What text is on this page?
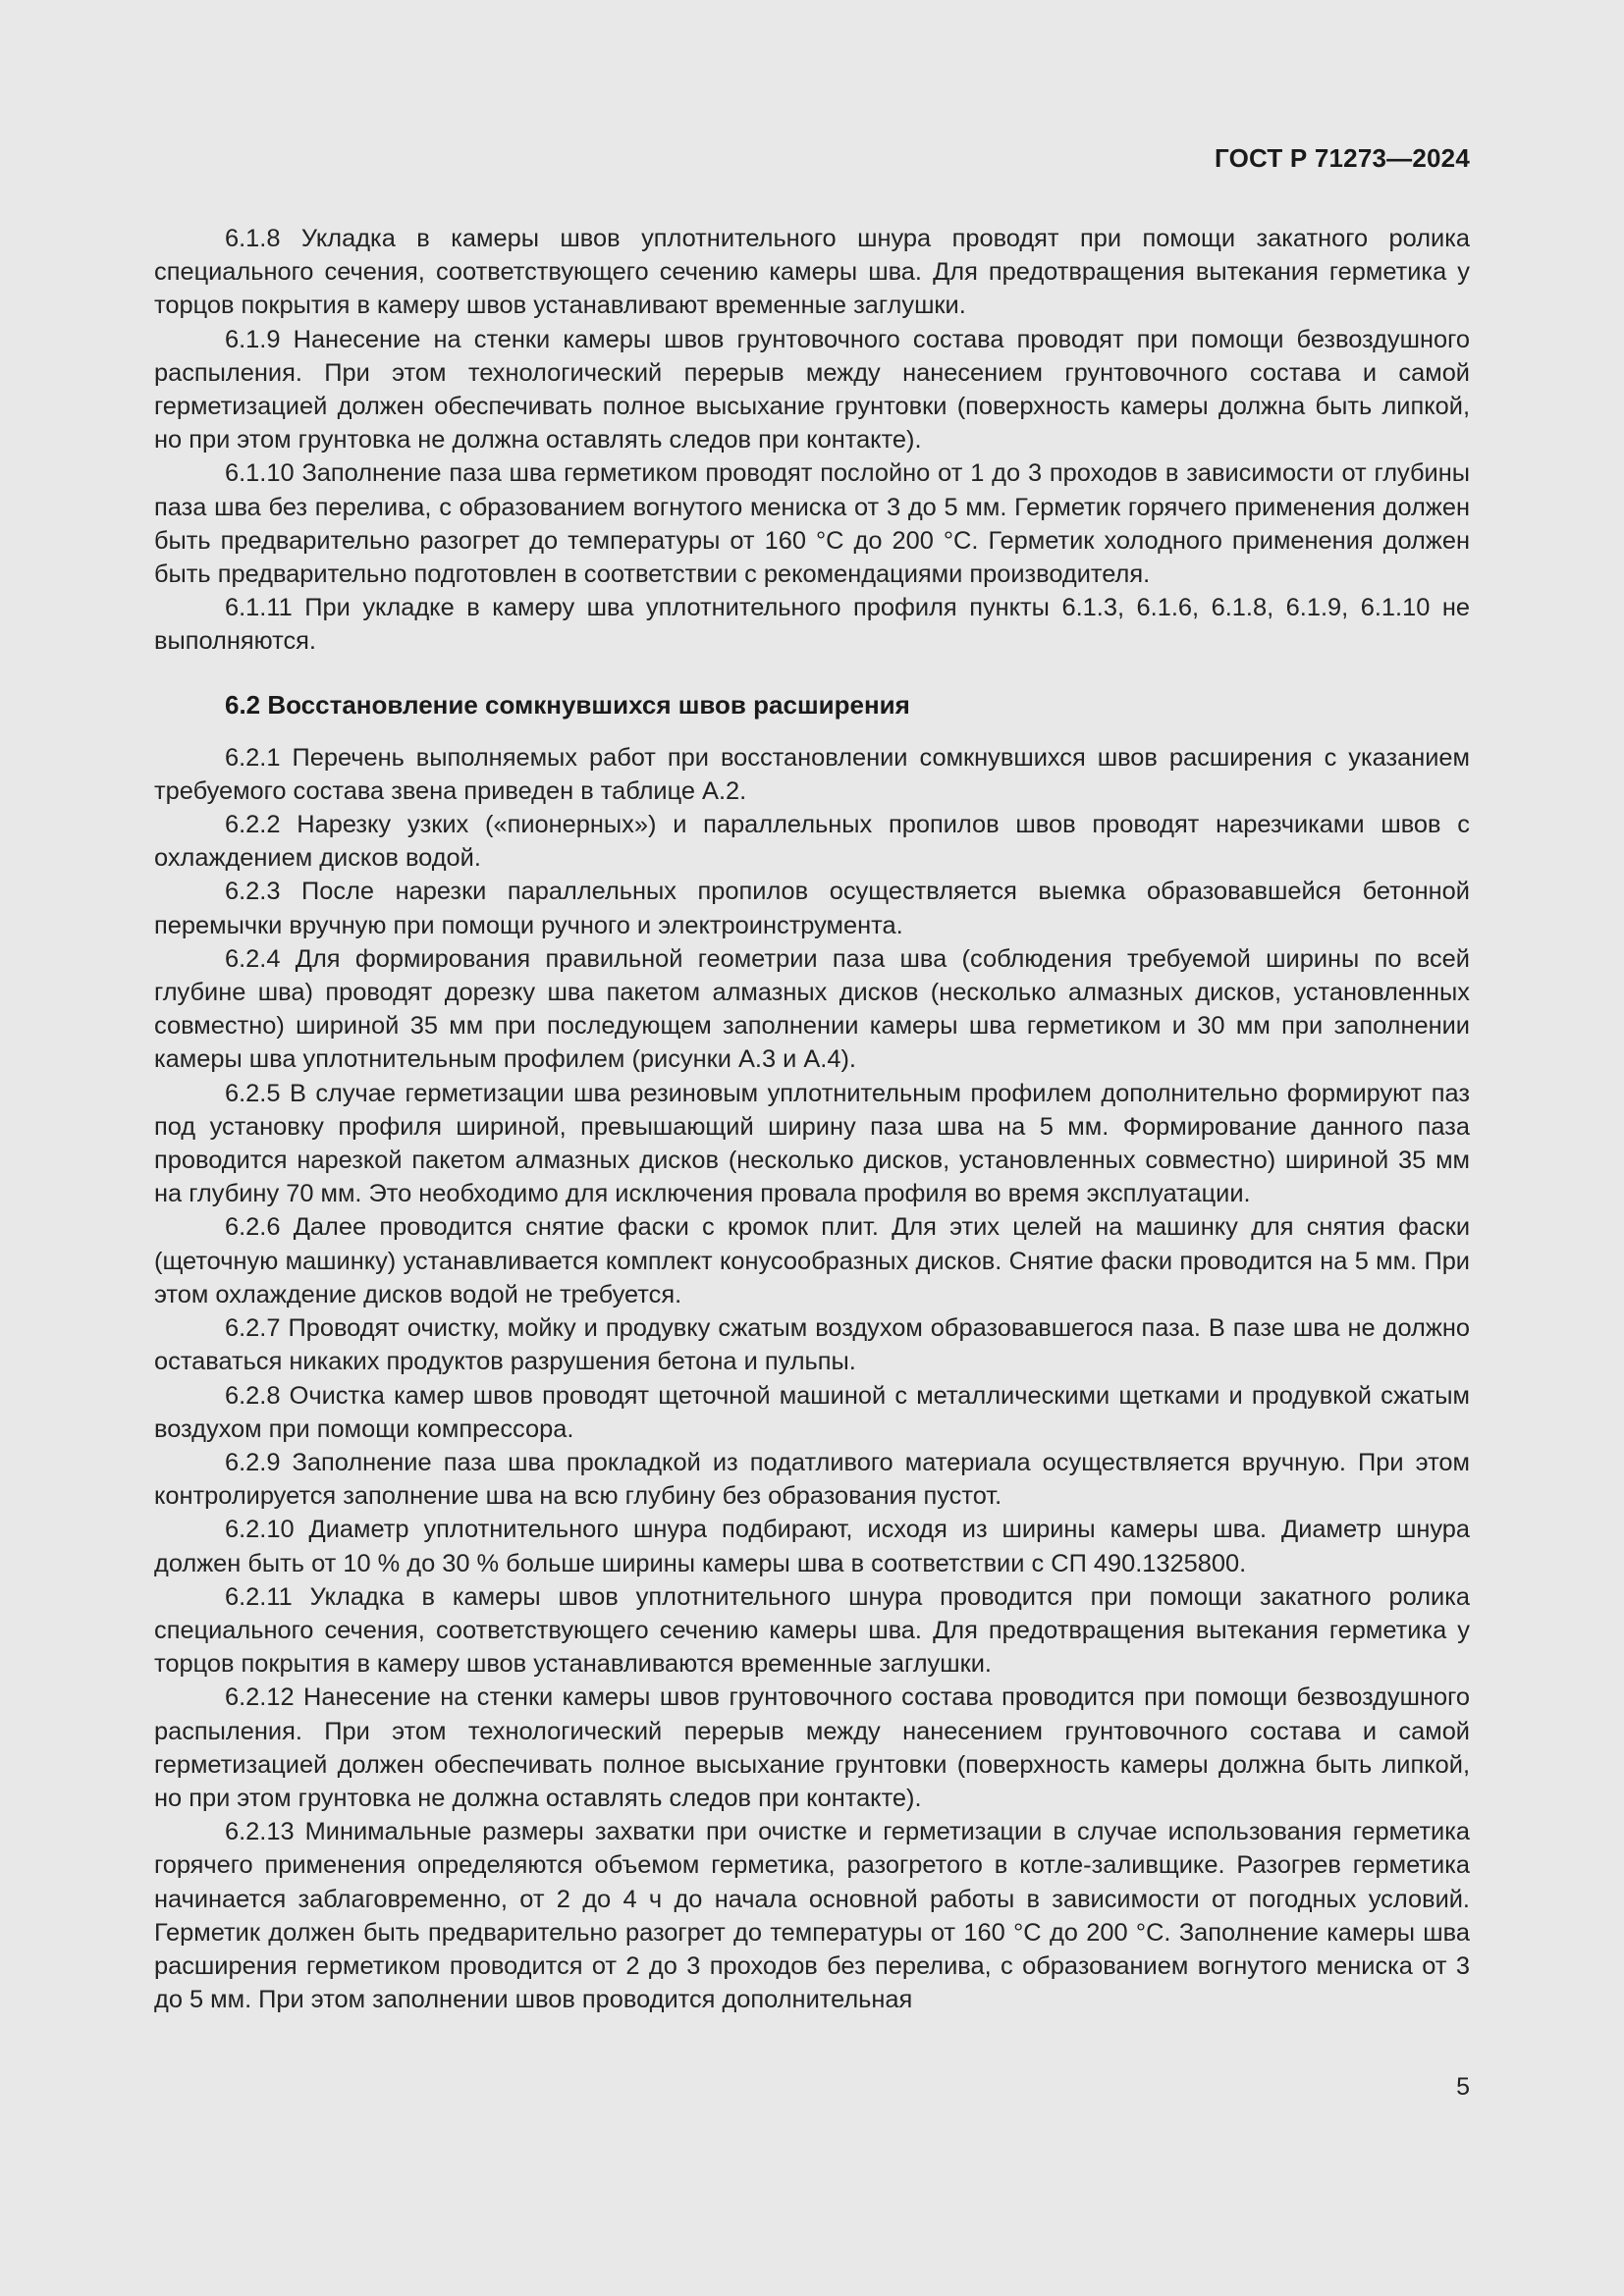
ГОСТ Р 71273—2024

6.1.8 Укладка в камеры швов уплотнительного шнура проводят при помощи закатного ролика специального сечения, соответствующего сечению камеры шва. Для предотвращения вытекания герметика у торцов покрытия в камеру швов устанавливают временные заглушки.

6.1.9 Нанесение на стенки камеры швов грунтовочного состава проводят при помощи безвоздушного распыления. При этом технологический перерыв между нанесением грунтовочного состава и самой герметизацией должен обеспечивать полное высыхание грунтовки (поверхность камеры должна быть липкой, но при этом грунтовка не должна оставлять следов при контакте).

6.1.10 Заполнение паза шва герметиком проводят послойно от 1 до 3 проходов в зависимости от глубины паза шва без перелива, с образованием вогнутого мениска от 3 до 5 мм. Герметик горячего применения должен быть предварительно разогрет до температуры от 160 °С до 200 °С. Герметик холодного применения должен быть предварительно подготовлен в соответствии с рекомендациями производителя.

6.1.11 При укладке в камеру шва уплотнительного профиля пункты 6.1.3, 6.1.6, 6.1.8, 6.1.9, 6.1.10 не выполняются.

6.2 Восстановление сомкнувшихся швов расширения

6.2.1 Перечень выполняемых работ при восстановлении сомкнувшихся швов расширения с указанием требуемого состава звена приведен в таблице А.2.

6.2.2 Нарезку узких («пионерных») и параллельных пропилов швов проводят нарезчиками швов с охлаждением дисков водой.

6.2.3 После нарезки параллельных пропилов осуществляется выемка образовавшейся бетонной перемычки вручную при помощи ручного и электроинструмента.

6.2.4 Для формирования правильной геометрии паза шва (соблюдения требуемой ширины по всей глубине шва) проводят дорезку шва пакетом алмазных дисков (несколько алмазных дисков, установленных совместно) шириной 35 мм при последующем заполнении камеры шва герметиком и 30 мм при заполнении камеры шва уплотнительным профилем (рисунки А.3 и А.4).

6.2.5 В случае герметизации шва резиновым уплотнительным профилем дополнительно формируют паз под установку профиля шириной, превышающий ширину паза шва на 5 мм. Формирование данного паза проводится нарезкой пакетом алмазных дисков (несколько дисков, установленных совместно) шириной 35 мм на глубину 70 мм. Это необходимо для исключения провала профиля во время эксплуатации.

6.2.6 Далее проводится снятие фаски с кромок плит. Для этих целей на машинку для снятия фаски (щеточную машинку) устанавливается комплект конусообразных дисков. Снятие фаски проводится на 5 мм. При этом охлаждение дисков водой не требуется.

6.2.7 Проводят очистку, мойку и продувку сжатым воздухом образовавшегося паза. В пазе шва не должно оставаться никаких продуктов разрушения бетона и пульпы.

6.2.8 Очистка камер швов проводят щеточной машиной с металлическими щетками и продувкой сжатым воздухом при помощи компрессора.

6.2.9 Заполнение паза шва прокладкой из податливого материала осуществляется вручную. При этом контролируется заполнение шва на всю глубину без образования пустот.

6.2.10 Диаметр уплотнительного шнура подбирают, исходя из ширины камеры шва. Диаметр шнура должен быть от 10 % до 30 % больше ширины камеры шва в соответствии с СП 490.1325800.

6.2.11 Укладка в камеры швов уплотнительного шнура проводится при помощи закатного ролика специального сечения, соответствующего сечению камеры шва. Для предотвращения вытекания герметика у торцов покрытия в камеру швов устанавливаются временные заглушки.

6.2.12 Нанесение на стенки камеры швов грунтовочного состава проводится при помощи безвоздушного распыления. При этом технологический перерыв между нанесением грунтовочного состава и самой герметизацией должен обеспечивать полное высыхание грунтовки (поверхность камеры должна быть липкой, но при этом грунтовка не должна оставлять следов при контакте).

6.2.13 Минимальные размеры захватки при очистке и герметизации в случае использования герметика горячего применения определяются объемом герметика, разогретого в котле-заливщике. Разогрев герметика начинается заблаговременно, от 2 до 4 ч до начала основной работы в зависимости от погодных условий. Герметик должен быть предварительно разогрет до температуры от 160 °С до 200 °С. Заполнение камеры шва расширения герметиком проводится от 2 до 3 проходов без перелива, с образованием вогнутого мениска от 3 до 5 мм. При этом заполнении швов проводится дополнительная

5
